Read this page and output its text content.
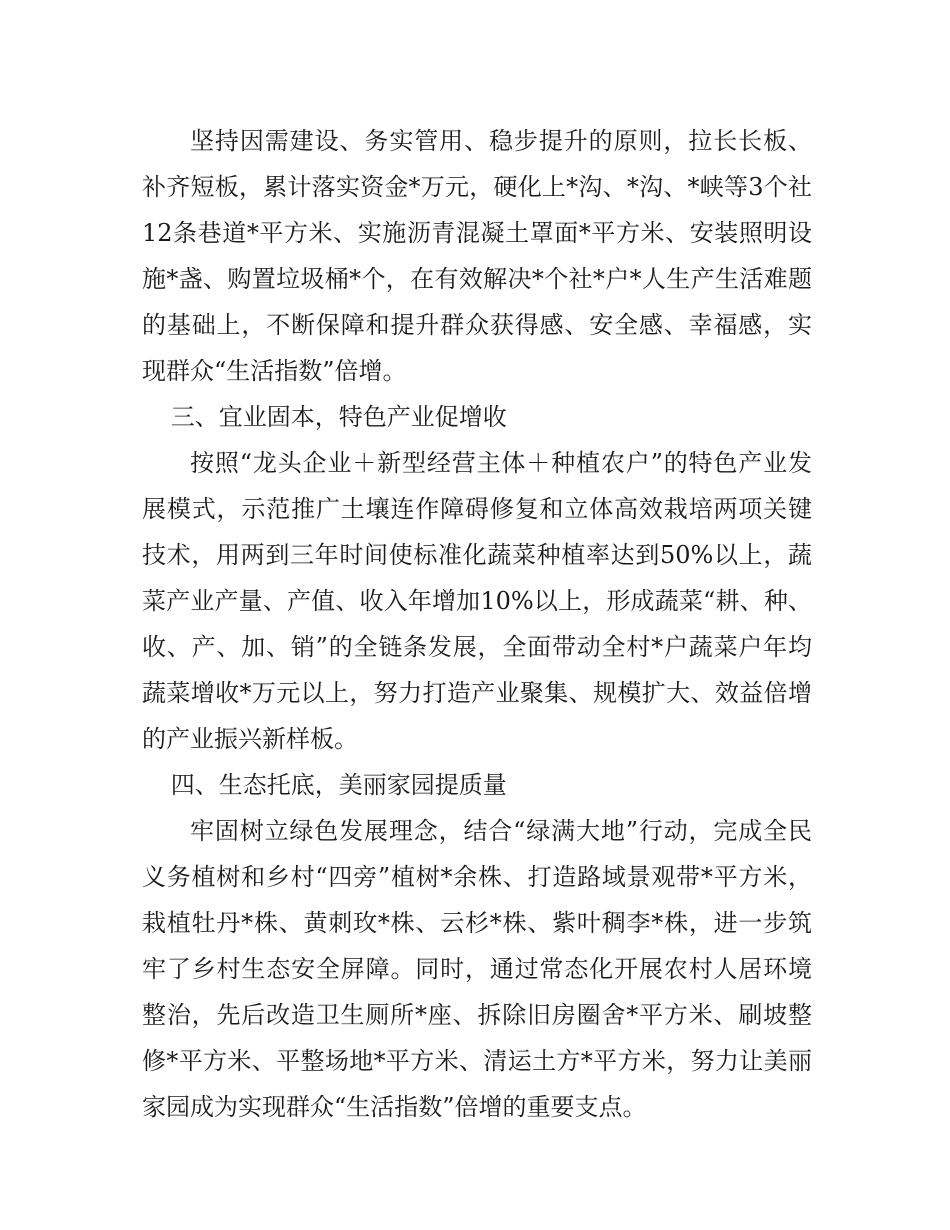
坚持因需建设、务实管用、稳步提升的原则，拉长长板、补齐短板，累计落实资金*万元，硬化上*沟、*沟、*峡等3个社12条巷道*平方米、实施沥青混凝土罩面*平方米、安装照明设施*盏、购置垃圾桶*个，在有效解决*个社*户*人生产生活难题的基础上，不断保障和提升群众获得感、安全感、幸福感，实现群众“生活指数”倍增。

三、宜业固本，特色产业促增收

按照“龙头企业＋新型经营主体＋种植农户”的特色产业发展模式，示范推广土壤连作障碍修复和立体高效栽培两项关键技术，用两到三年时间使标准化蔬菜种植率达到50%以上，蔬菜产业产量、产值、收入年增加10%以上，形成蔬菜“耕、种、收、产、加、销”的全链条发展，全面带动全村*户蔬菜户年均蔬菜增收*万元以上，努力打造产业聚集、规模扩大、效益倍增的产业振兴新样板。

四、生态托底，美丽家园提质量

牢固树立绿色发展理念，结合“绿满大地”行动，完成全民义务植树和乡村“四旁”植树*余株、打造路域景观带*平方米，栽植牡丹*株、黄刺玫*株、云杉*株、紫叶稠李*株，进一步筑牢了乡村生态安全屏障。同时，通过常态化开展农村人居环境整治，先后改造卫生厕所*座、拆除旧房圈舍*平方米、刷坡整修*平方米、平整场地*平方米、清运土方*平方米，努力让美丽家园成为实现群众“生活指数”倍增的重要支点。
